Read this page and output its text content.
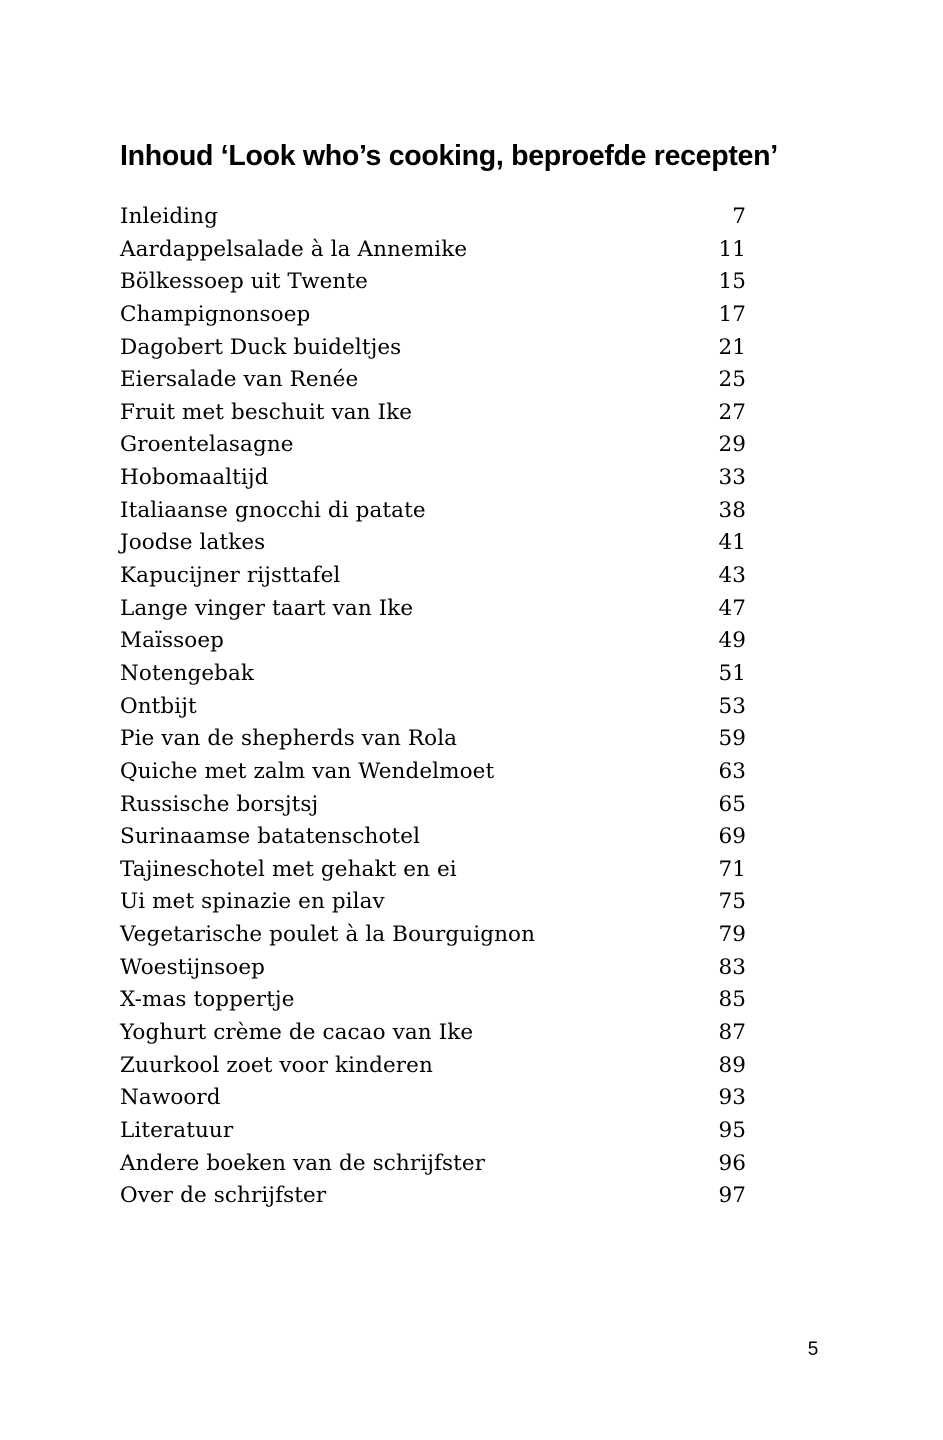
Inhoud ‘Look who’s cooking, beproefde recepten’
Inleiding	7
Aardappelsalade à la Annemike	11
Bölkessoep uit Twente	15
Champignonsoep	17
Dagobert Duck buideltjes	21
Eiersalade van Renée	25
Fruit met beschuit van Ike	27
Groentelasagne	29
Hobomaaltijd	33
Italiaanse gnocchi di patate	38
Joodse latkes	41
Kapucijner rijsttafel	43
Lange vinger taart van Ike	47
Maïssoep	49
Notengebak	51
Ontbijt	53
Pie van de shepherds van Rola	59
Quiche met zalm van Wendelmoet	63
Russische borsjtsj	65
Surinaamse batatenschotel	69
Tajineschotel met gehakt en ei	71
Ui met spinazie en pilav	75
Vegetarische poulet à la Bourguignon	79
Woestijnsoep	83
X-mas toppertje	85
Yoghurt crème de cacao van Ike	87
Zuurkool zoet voor kinderen	89
Nawoord	93
Literatuur	95
Andere boeken van de schrijfster	96
Over de schrijfster	97
5
